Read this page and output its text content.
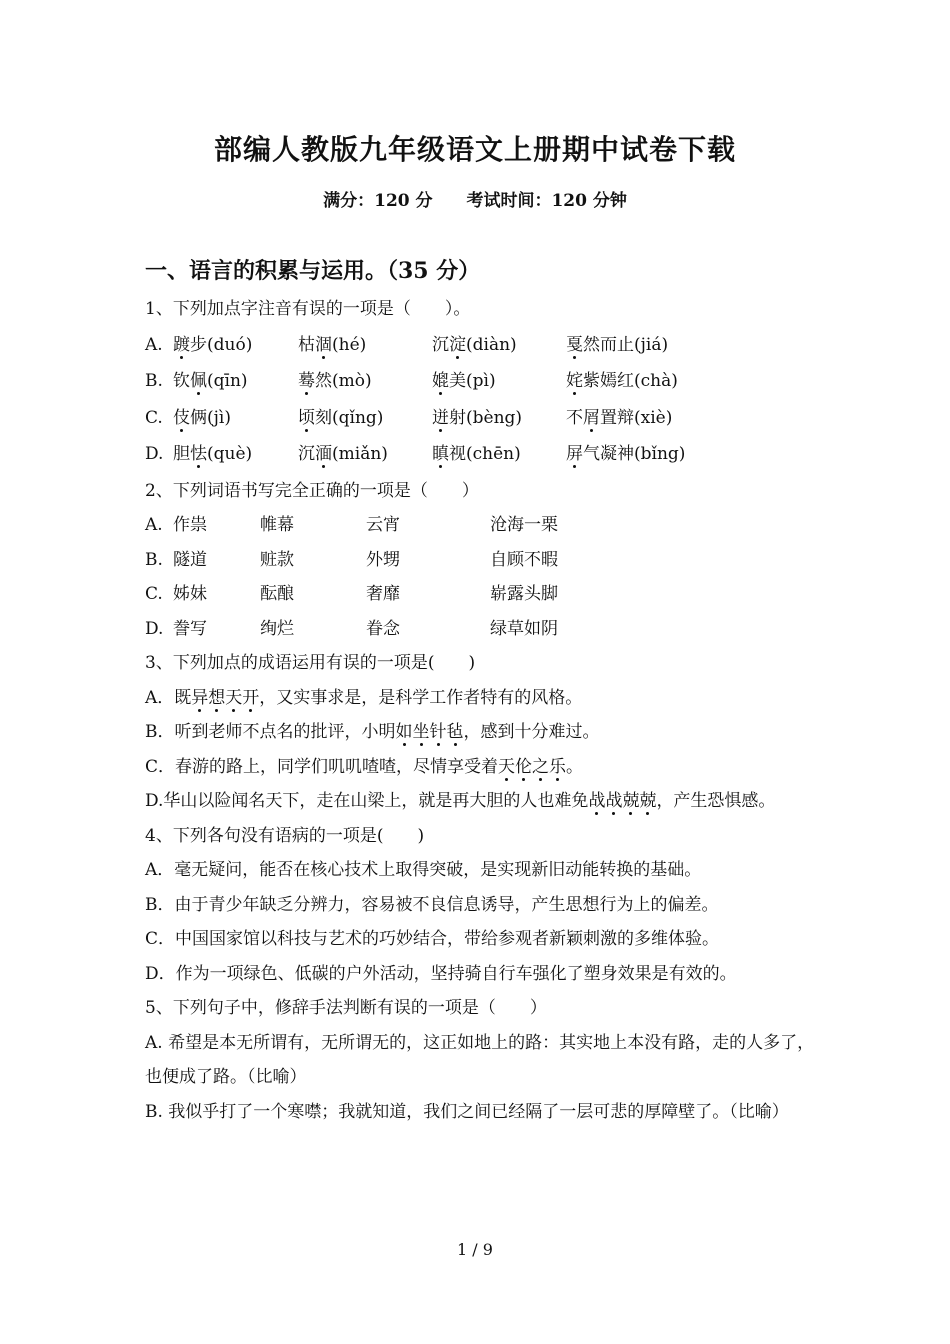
部编人教版九年级语文上册期中试卷下载
满分：120 分 考试时间：120 分钟
一、语言的积累与运用。（35 分）
1、下列加点字注音有误的一项是（　　）。
A. 踱步(duó)	枯涸(hé)	沉淀(diàn)	戛然而止(jiá)
B. 钦佩(qīn)	蓦然(mò)	媲美(pì)	姹紫嫣红(chà)
C. 伎俩(jì)	顷刻(qǐng)	迸射(bèng)	不屑置辩(xiè)
D. 胆怯(què)	沉湎(miǎn)	瞋视(chēn)	屏气凝神(bǐng)
2、下列词语书写完全正确的一项是（　　）
A. 作祟	帷幕	云宵	沧海一栗
B. 隧道	赃款	外甥	自顾不暇
C. 姊妹	酝酿	奢靡	崭露头脚
D. 誊写	绚烂	眷念	绿草如阴
3、下列加点的成语运用有误的一项是(　　)
A．既异想天开，又实事求是，是科学工作者特有的风格。
B．听到老师不点名的批评，小明如坐针毡，感到十分难过。
C．春游的路上，同学们叽叽喳喳，尽情享受着天伦之乐。
D.华山以险闻名天下，走在山梁上，就是再大胆的人也难免战战兢兢，产生恐惧感。
4、下列各句没有语病的一项是(　　)
A．毫无疑问，能否在核心技术上取得突破，是实现新旧动能转换的基础。
B．由于青少年缺乏分辨力，容易被不良信息诱导，产生思想行为上的偏差。
C．中国国家馆以科技与艺术的巧妙结合，带给参观者新颖刺激的多维体验。
D．作为一项绿色、低碳的户外活动，坚持骑自行车强化了塑身效果是有效的。
5、下列句子中，修辞手法判断有误的一项是（　　）
A. 希望是本无所谓有，无所谓无的，这正如地上的路：其实地上本没有路，走的人多了，也便成了路。（比喻）
B. 我似乎打了一个寒噤；我就知道，我们之间已经隔了一层可悲的厚障壁了。（比喻）
1 / 9
